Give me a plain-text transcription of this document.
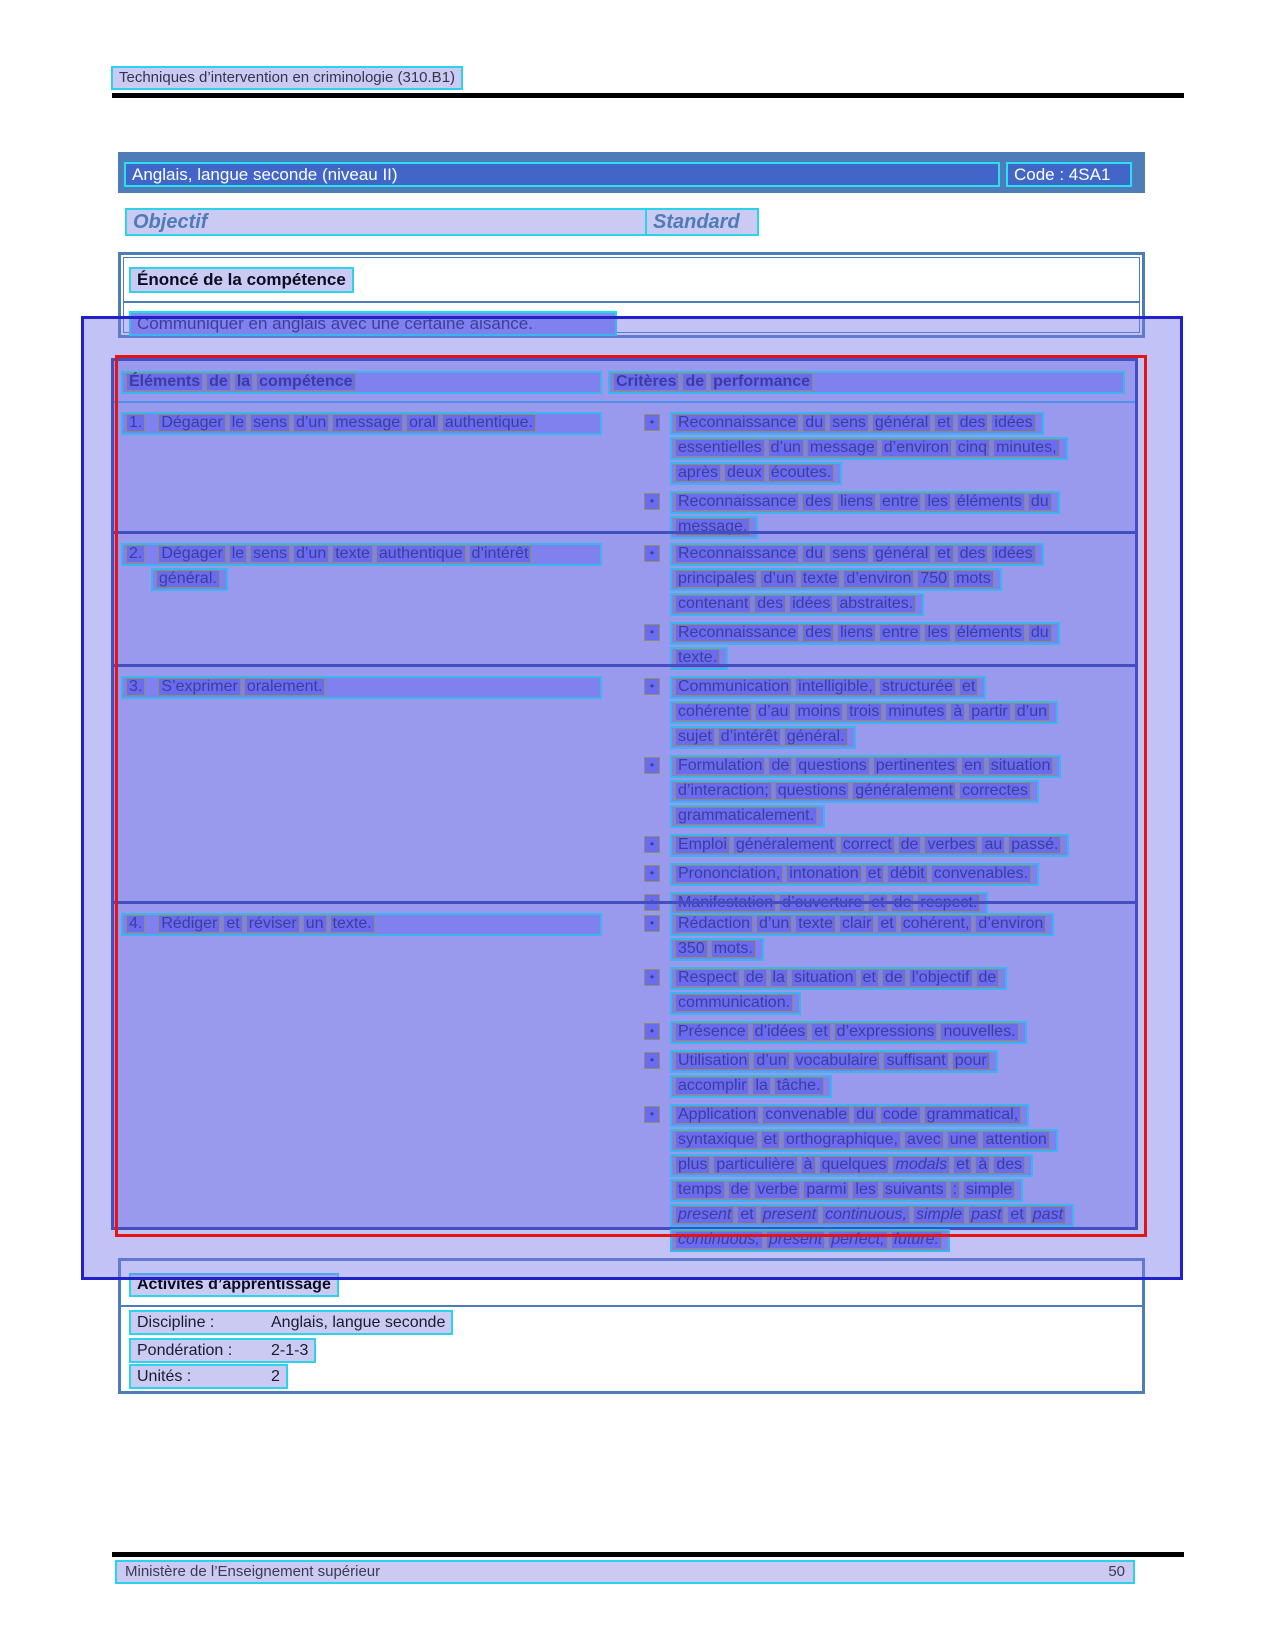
Techniques d’intervention en criminologie (310.B1)
Anglais, langue seconde (niveau II)	Code : 4SA1
Objectif	Standard
Énoncé de la compétence
Communiquer en anglais avec une certaine aisance.
Éléments de la compétence	Critères de performance
1. Dégager le sens d’un message oral authentique.	•	Reconnaissance du sens général et des idées
essentielles d’un message d’environ cinq minutes,
après deux écoutes.
•	Reconnaissance des liens entre les éléments du
message.
2. Dégager le sens d’un texte authentique d’intérêt
général.
•	Reconnaissance du sens général et des idées
principales d’un texte d’environ 750 mots
contenant des idées abstraites.
•	Reconnaissance des liens entre les éléments du
texte.
3. S’exprimer oralement.	•	Communication intelligible, structurée et
cohérente d’au moins trois minutes à partir d’un
sujet d’intérêt général.
•	Formulation de questions pertinentes en situation
d’interaction; questions généralement correctes
grammaticalement.
•	Emploi généralement correct de verbes au passé.
•	Prononciation, intonation et débit convenables.
•	Manifestation d’ouverture et de respect.
4. Rédiger et réviser un texte.	•	Rédaction d’un texte clair et cohérent, d’environ
350 mots.
•	Respect de la situation et de l’objectif de
communication.
•	Présence d’idées et d’expressions nouvelles.
•	Utilisation d’un vocabulaire suffisant pour
accomplir la tâche.
•	Application convenable du code grammatical,
syntaxique et orthographique, avec une attention
plus particulière à quelques modals et à des
temps de verbe parmi les suivants : simple
present et present continuous, simple past et past
continuous, present perfect, future.
Activités d’apprentissage
Discipline :	Anglais, langue seconde
Pondération : 2-1-3
Unités :	2
Ministère de l’Enseignement supérieur	50
